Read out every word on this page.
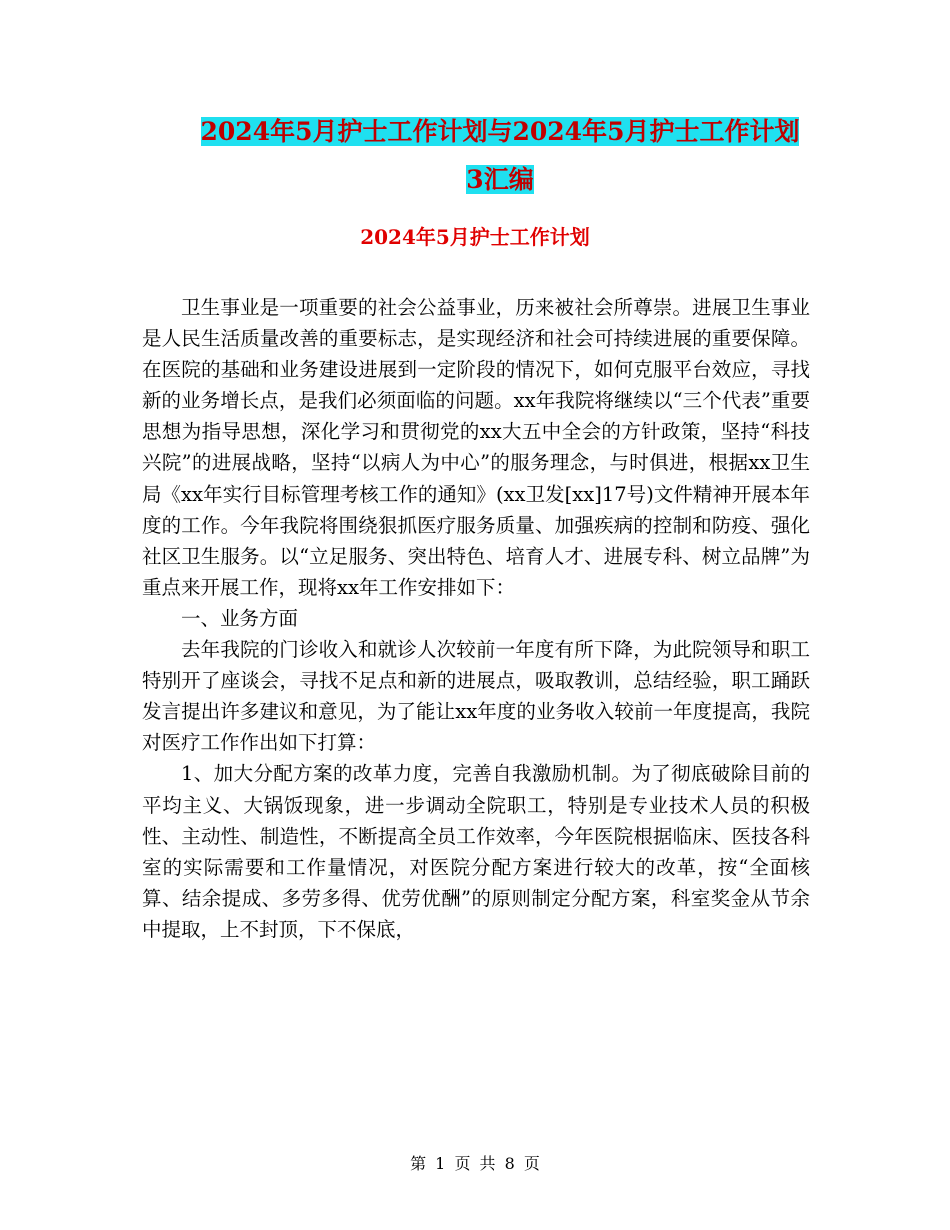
2024年5月护士工作计划与2024年5月护士工作计划
3汇编
2024年5月护士工作计划

卫生事业是一项重要的社会公益事业，历来被社会所尊崇。进展卫生事业是人民生活质量改善的重要标志，是实现经济和社会可持续进展的重要保障。在医院的基础和业务建设进展到一定阶段的情况下，如何克服平台效应，寻找新的业务增长点，是我们必须面临的问题。xx年我院将继续以“三个代表”重要思想为指导思想，深化学习和贯彻党的xx大五中全会的方针政策，坚持“科技兴院”的进展战略，坚持“以病人为中心”的服务理念，与时俱进，根据xx卫生局《xx年实行目标管理考核工作的通知》(xx卫发[xx]17号)文件精神开展本年度的工作。今年我院将围绕狠抓医疗服务质量、加强疾病的控制和防疫、强化社区卫生服务。以“立足服务、突出特色、培育人才、进展专科、树立品牌”为重点来开展工作，现将xx年工作安排如下：

一、业务方面

去年我院的门诊收入和就诊人次较前一年度有所下降，为此院领导和职工特别开了座谈会，寻找不足点和新的进展点，吸取教训，总结经验，职工踊跃发言提出许多建议和意见，为了能让xx年度的业务收入较前一年度提高，我院对医疗工作作出如下打算：

1、加大分配方案的改革力度，完善自我激励机制。为了彻底破除目前的平均主义、大锅饭现象，进一步调动全院职工，特别是专业技术人员的积极性、主动性、制造性，不断提高全员工作效率，今年医院根据临床、医技各科室的实际需要和工作量情况，对医院分配方案进行较大的改革，按“全面核算、结余提成、多劳多得、优劳优酬”的原则制定分配方案，科室奖金从节余中提取，上不封顶，下不保底，

第 1 页 共 8 页
